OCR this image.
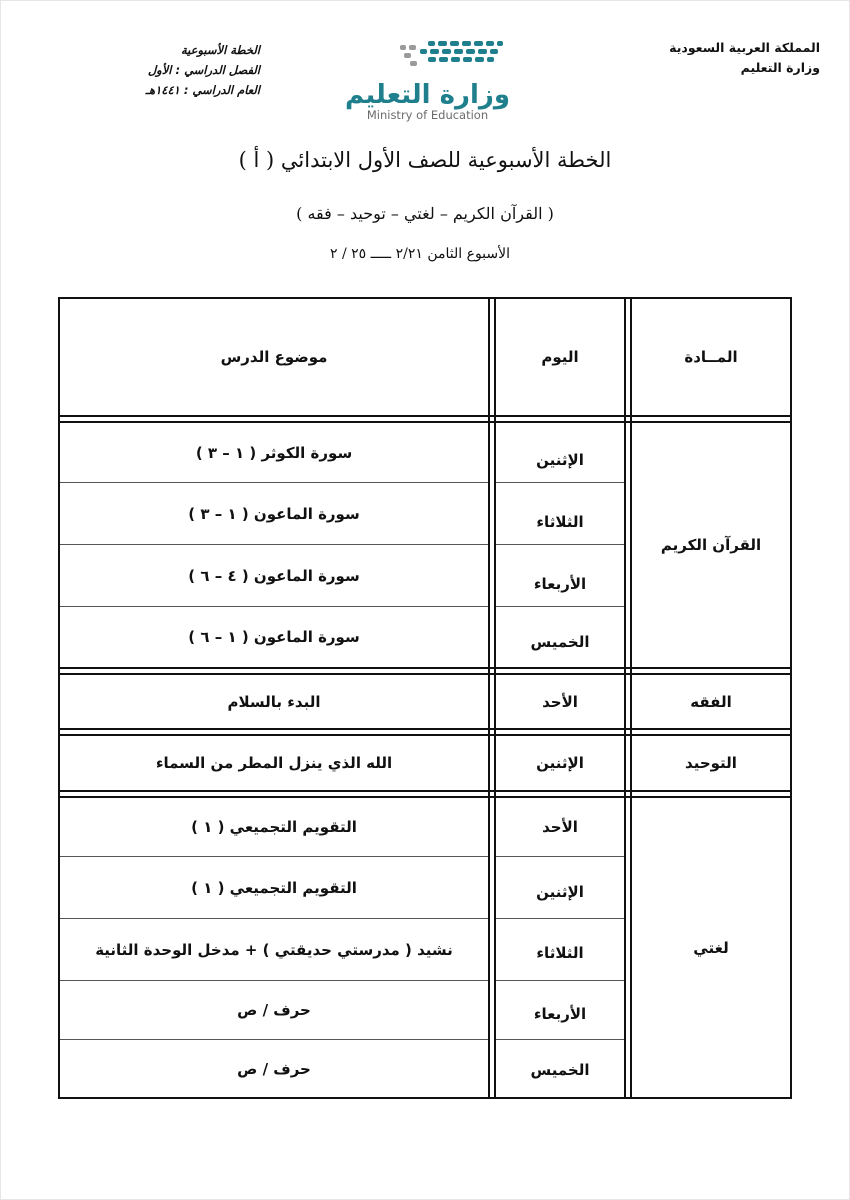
المملكة العربية السعودية
وزارة التعليم
الخطة الأسبوعية
الفصل الدراسي : الأول
العام الدراسي : ١٤٤١هـ	وزارة التعليم
Ministry of Education
الخطة الأسبوعية للصف الأول الابتدائي ( أ )
( القرآن الكريم – لغتي – توحيد – فقه )
الأسبوع الثامن ٢/٢١ ـــــ ٢٥ / ٢
المــادة
اليوم
موضوع الدرس
القرآن الكريم
الإثنين
سورة الكوثر ( ١ – ٣ )
الثلاثاء
سورة الماعون ( ١ – ٣ )
الأربعاء
سورة الماعون ( ٤ – ٦ )
الخميس
سورة الماعون ( ١ – ٦ )
الفقه
الأحد
البدء بالسلام
التوحيد
الإثنين
الله الذي ينزل المطر من السماء
لغتي
الأحد
التقويم التجميعي ( ١ )
الإثنين
التقويم التجميعي ( ١ )
الثلاثاء
نشيد ( مدرستي حديقتي ) + مدخل الوحدة الثانية
الأربعاء
حرف / ص
الخميس
حرف / ص
